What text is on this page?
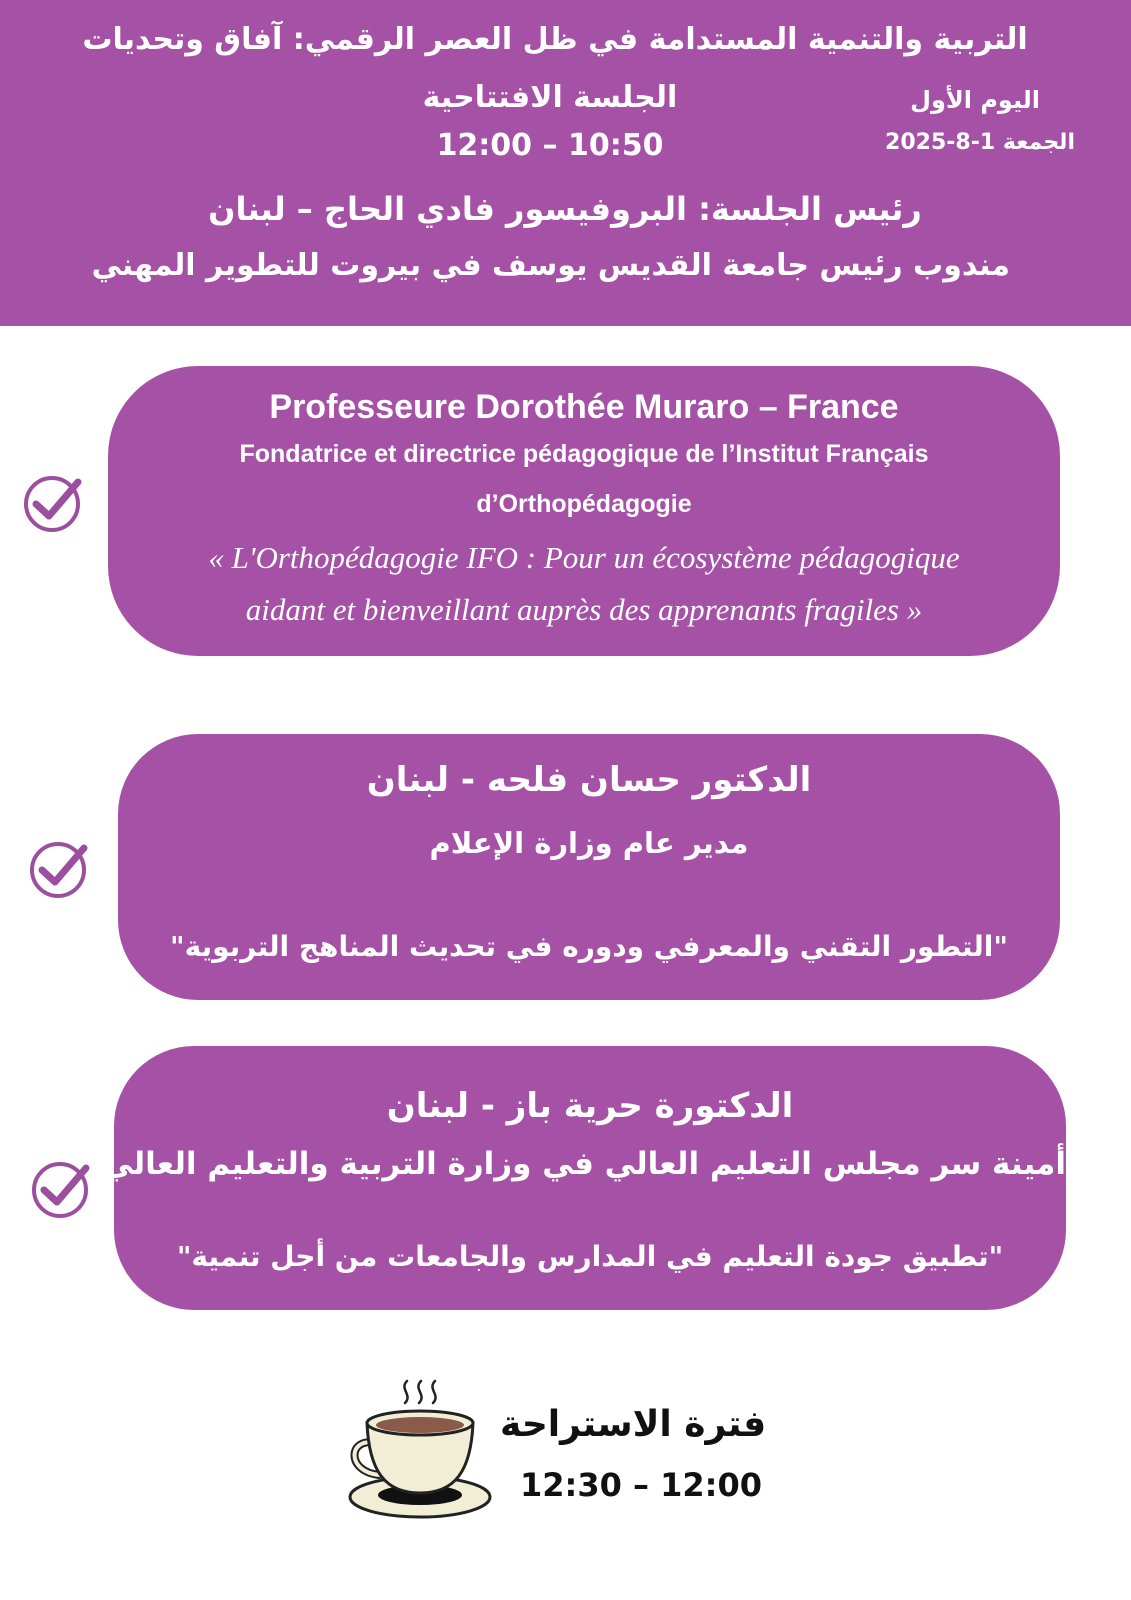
التربية والتنمية المستدامة في ظل العصر الرقمي: آفاق وتحديات
الجلسة الافتتاحية
12:00 – 10:50
اليوم الأول
الجمعة 1-8-2025
رئيس الجلسة: البروفيسور فادي الحاج – لبنان
مندوب رئيس جامعة القديس يوسف في بيروت للتطوير المهني
Professeure Dorothée Muraro – France
Fondatrice et directrice pédagogique de l’Institut Français
d’Orthopédagogie
« L'Orthopédagogie IFO : Pour un écosystème pédagogique
aidant et bienveillant auprès des apprenants fragiles »
الدكتور حسان فلحه - لبنان
مدير عام وزارة الإعلام
"التطور التقني والمعرفي ودوره في تحديث المناهج التربوية"
الدكتورة حرية باز - لبنان
أمينة سر مجلس التعليم العالي في وزارة التربية والتعليم العالي
"تطبيق جودة التعليم في المدارس والجامعات من أجل تنمية"
فترة الاستراحة
12:30 – 12:00
